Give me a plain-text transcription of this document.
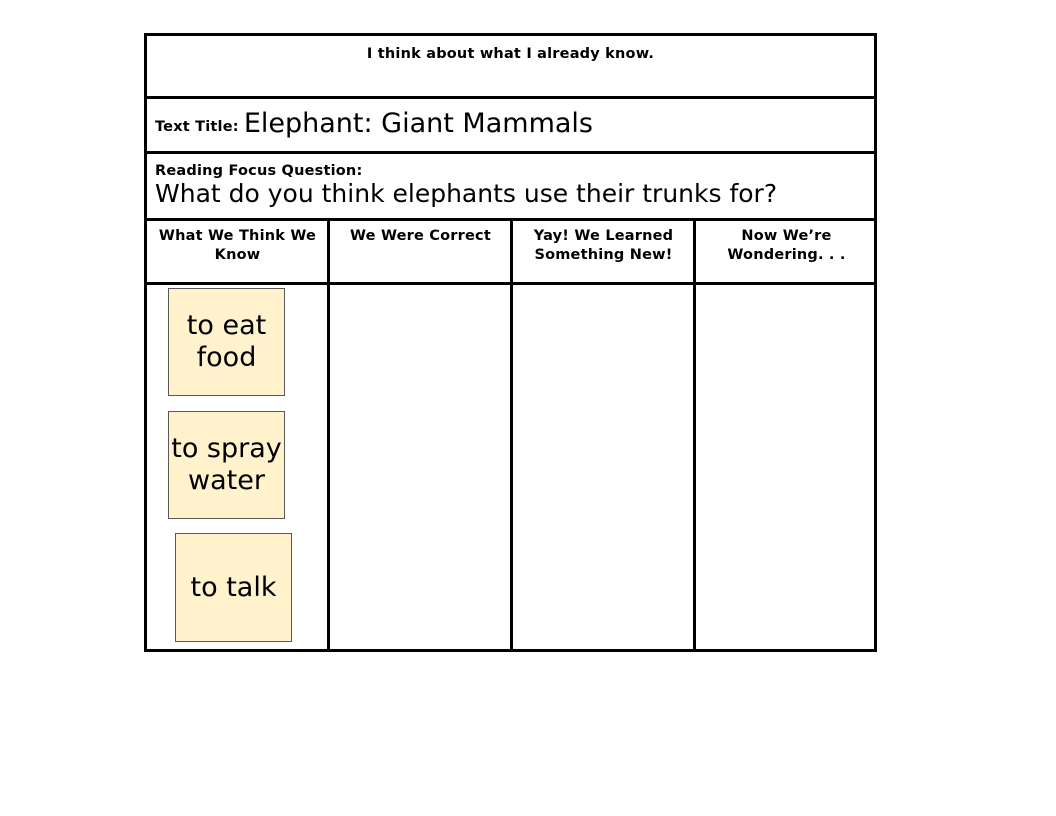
I think about what I already know.
Text Title: Elephant: Giant Mammals
Reading Focus Question:
What do you think elephants use their trunks for?
What We Think We Know
We Were Correct	Yay! We Learned Something New!
Now We’re Wondering. . .
to eat food
to spray water
to talk
